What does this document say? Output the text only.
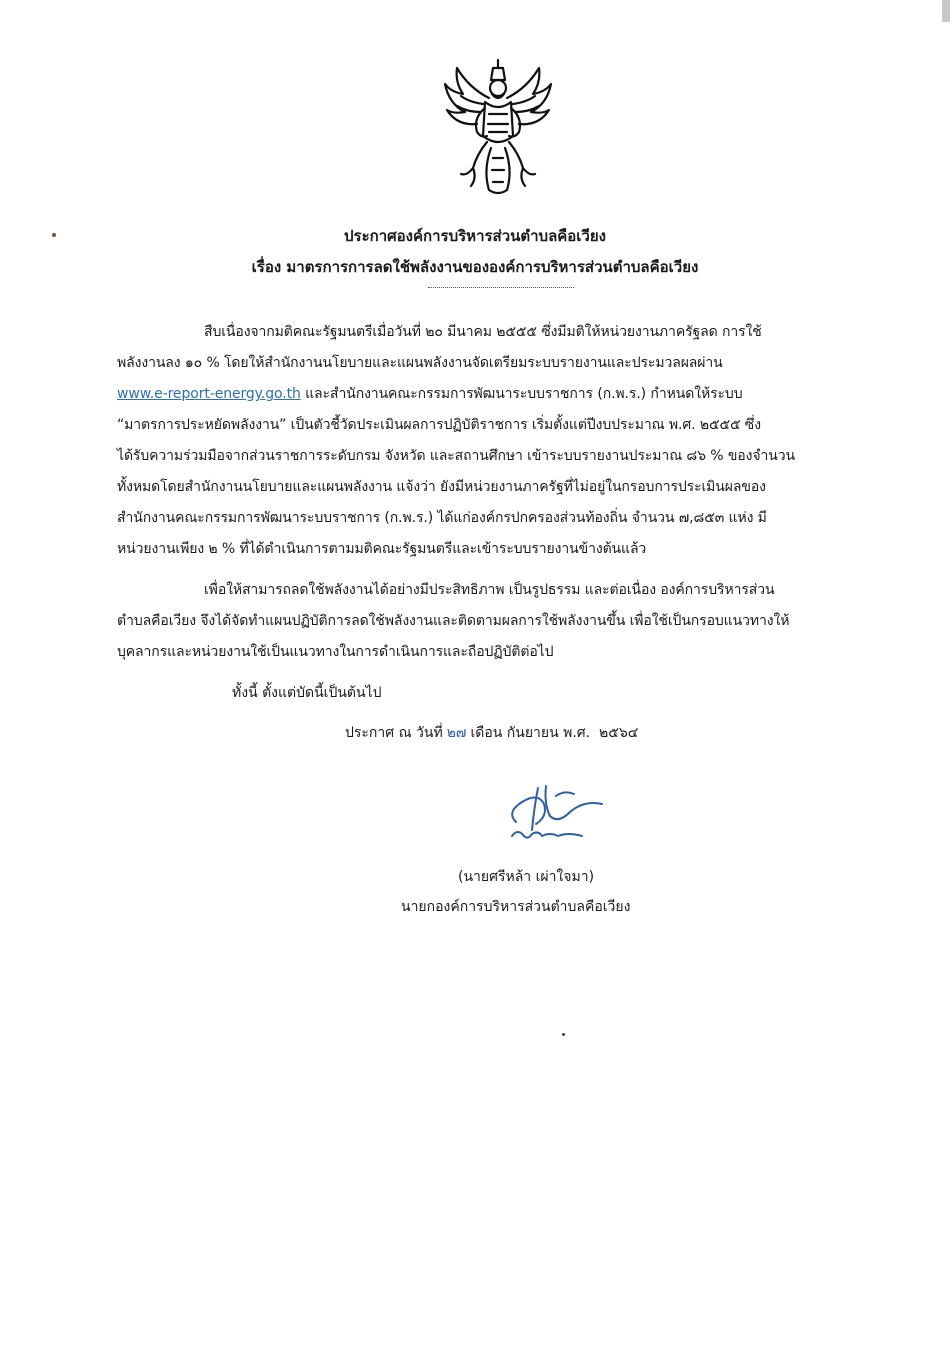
ประกาศองค์การบริหารส่วนตำบลคือเวียง
เรื่อง มาตรการการลดใช้พลังงานขององค์การบริหารส่วนตำบลคือเวียง
สืบเนื่องจากมติคณะรัฐมนตรีเมื่อวันที่ ๒๐ มีนาคม ๒๕๕๕ ซึ่งมีมติให้หน่วยงานภาครัฐลด การใช้
พลังงานลง ๑๐ % โดยให้สำนักงานนโยบายและแผนพลังงานจัดเตรียมระบบรายงานและประมวลผลผ่าน
www.e-report-energy.go.th และสำนักงานคณะกรรมการพัฒนาระบบราชการ (ก.พ.ร.) กำหนดให้ระบบ
“มาตรการประหยัดพลังงาน” เป็นตัวชี้วัดประเมินผลการปฏิบัติราชการ เริ่มตั้งแต่ปีงบประมาณ พ.ศ. ๒๕๕๕ ซึ่ง
ได้รับความร่วมมือจากส่วนราชการระดับกรม จังหวัด และสถานศึกษา เข้าระบบรายงานประมาณ ๘๖ % ของจำนวน
ทั้งหมดโดยสำนักงานนโยบายและแผนพลังงาน แจ้งว่า ยังมีหน่วยงานภาครัฐที่ไม่อยู่ในกรอบการประเมินผลของ
สำนักงานคณะกรรมการพัฒนาระบบราชการ (ก.พ.ร.) ได้แก่องค์กรปกครองส่วนท้องถิ่น จำนวน ๗,๘๕๓ แห่ง มี
หน่วยงานเพียง ๒ % ที่ได้ดำเนินการตามมติคณะรัฐมนตรีและเข้าระบบรายงานข้างต้นแล้ว
เพื่อให้สามารถลดใช้พลังงานได้อย่างมีประสิทธิภาพ เป็นรูปธรรม และต่อเนื่อง องค์การบริหารส่วน
ตำบลคือเวียง จึงได้จัดทำแผนปฏิบัติการลดใช้พลังงานและติดตามผลการใช้พลังงานขึ้น เพื่อใช้เป็นกรอบแนวทางให้
บุคลากรและหน่วยงานใช้เป็นแนวทางในการดำเนินการและถือปฏิบัติต่อไป
ทั้งนี้ ตั้งแต่บัดนี้เป็นต้นไป
ประกาศ ณ วันที่ ๒๗ เดือน กันยายน พ.ศ. ๒๕๖๔
(นายศรีหล้า เผ่าใจมา)
นายกองค์การบริหารส่วนตำบลคือเวียง
